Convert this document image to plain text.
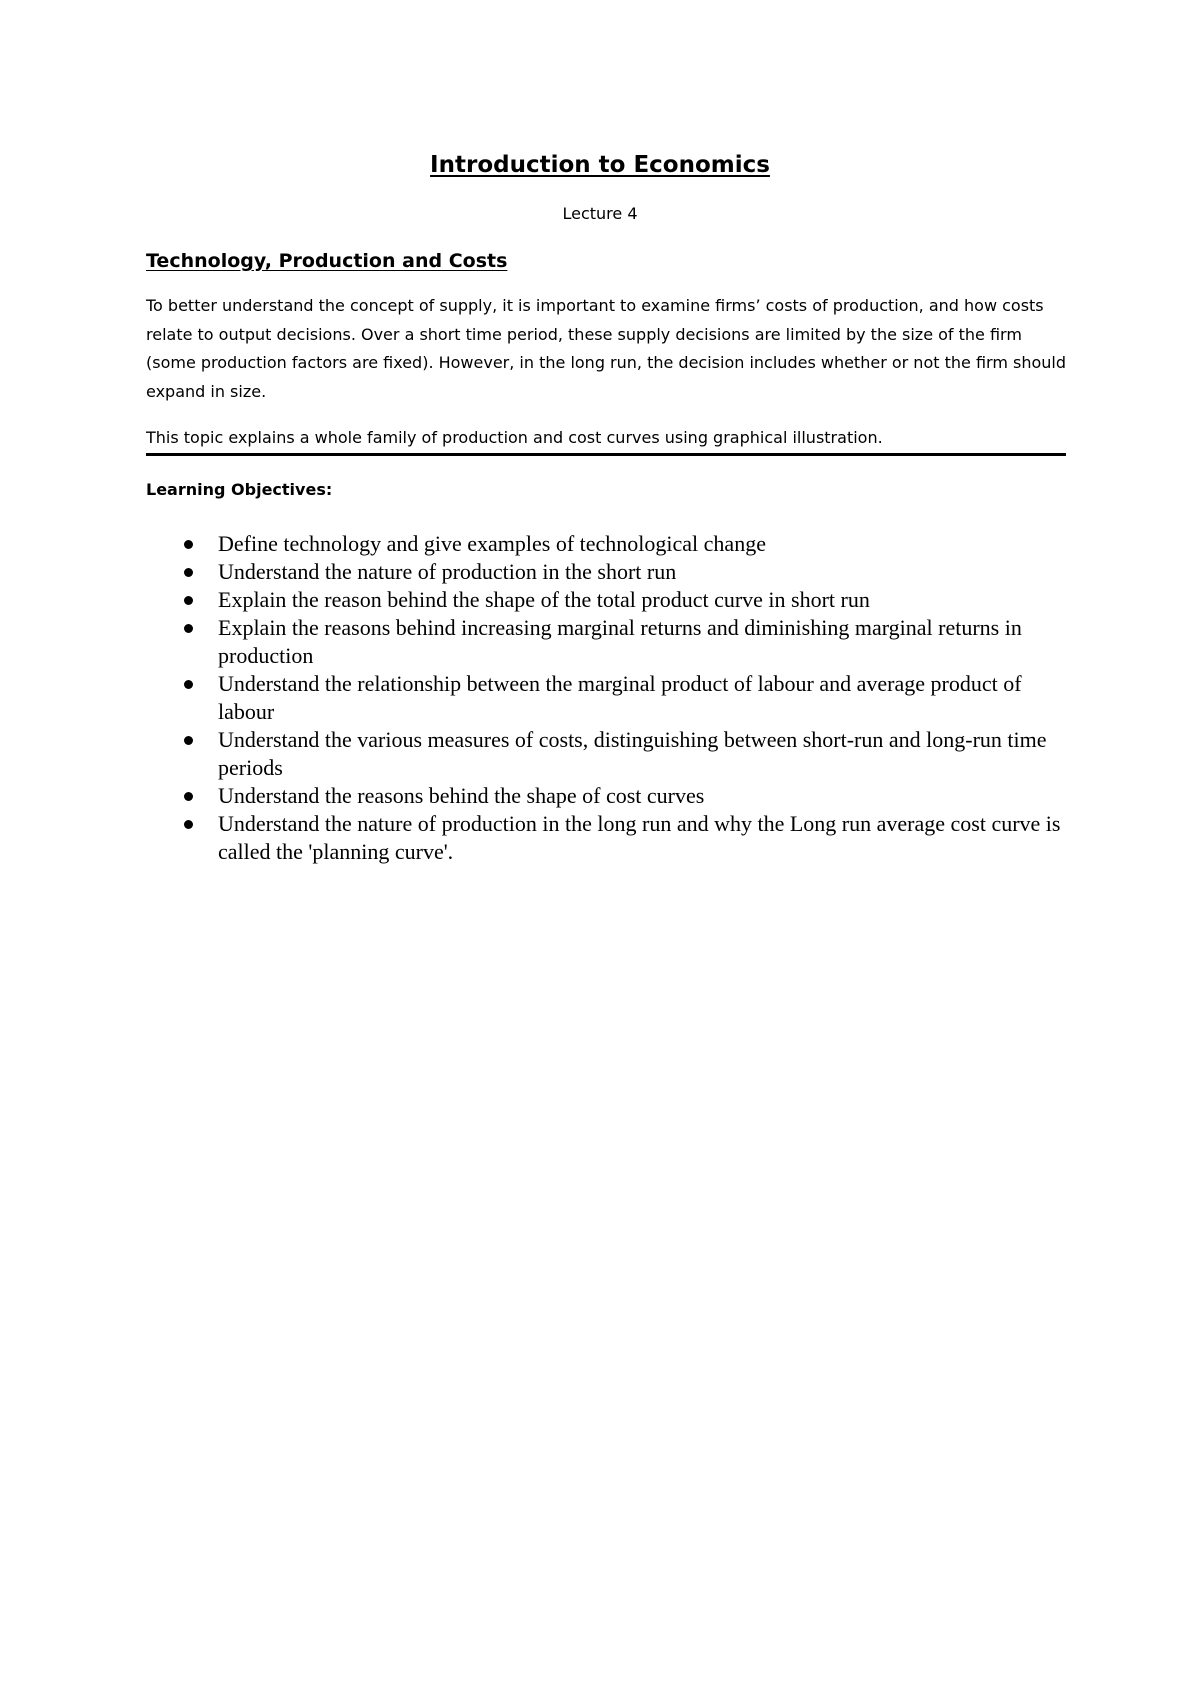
Introduction to Economics
Lecture 4
Technology, Production and Costs

To better understand the concept of supply, it is important to examine firms’ costs of production, and how costs relate to output decisions. Over a short time period, these supply decisions are limited by the size of the firm (some production factors are fixed). However, in the long run, the decision includes whether or not the firm should expand in size.

This topic explains a whole family of production and cost curves using graphical illustration.

Learning Objectives:
Define technology and give examples of technological change
Understand the nature of production in the short run
Explain the reason behind the shape of the total product curve in short run
Explain the reasons behind increasing marginal returns and diminishing marginal returns in production
Understand the relationship between the marginal product of labour and average product of labour
Understand the various measures of costs, distinguishing between short-run and long-run time periods
Understand the reasons behind the shape of cost curves
Understand the nature of production in the long run and why the Long run average cost curve is called the 'planning curve'.
